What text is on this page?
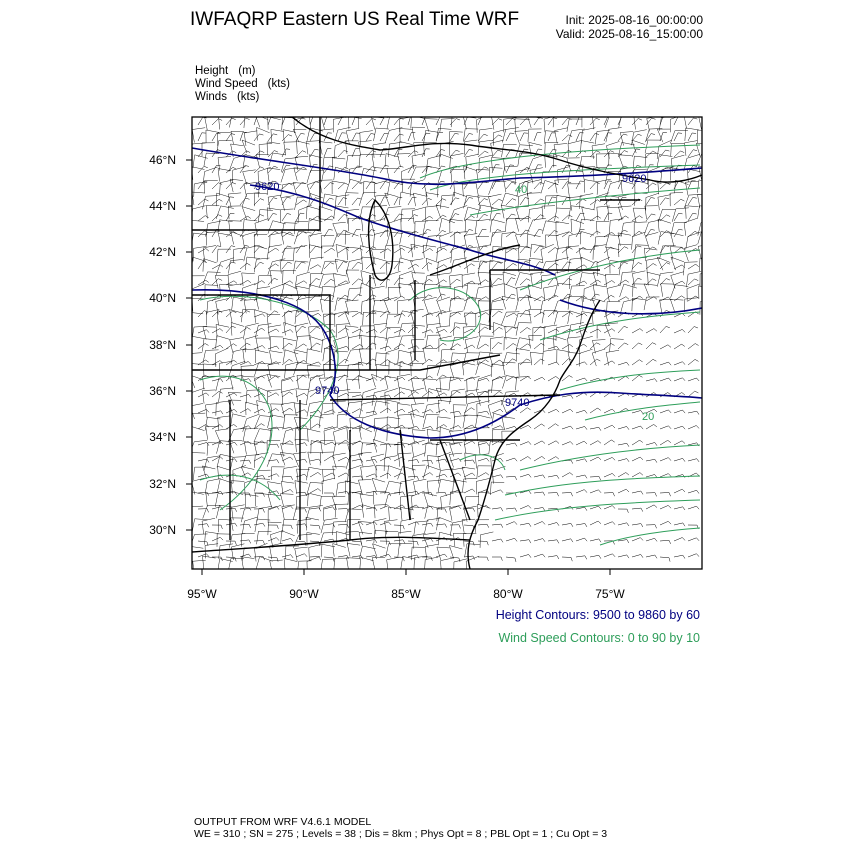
IWFAQRP Eastern US Real Time WRF	Init: 2025-08-16_00:00:00
Valid: 2025-08-16_15:00:00
Height (m)
Wind Speed (kts)
Winds (kts)
9620
9740
9740
9620	40
20
46°N
44°N
42°N
40°N
38°N
36°N
34°N
32°N
30°N
95°W	90°W	85°W	80°W	75°W
Height Contours: 9500 to 9860 by 60
Wind Speed Contours: 0 to 90 by 10
OUTPUT FROM WRF V4.6.1 MODEL
WE = 310 ; SN = 275 ; Levels = 38 ; Dis = 8km ; Phys Opt = 8 ; PBL Opt = 1 ; Cu Opt = 3
